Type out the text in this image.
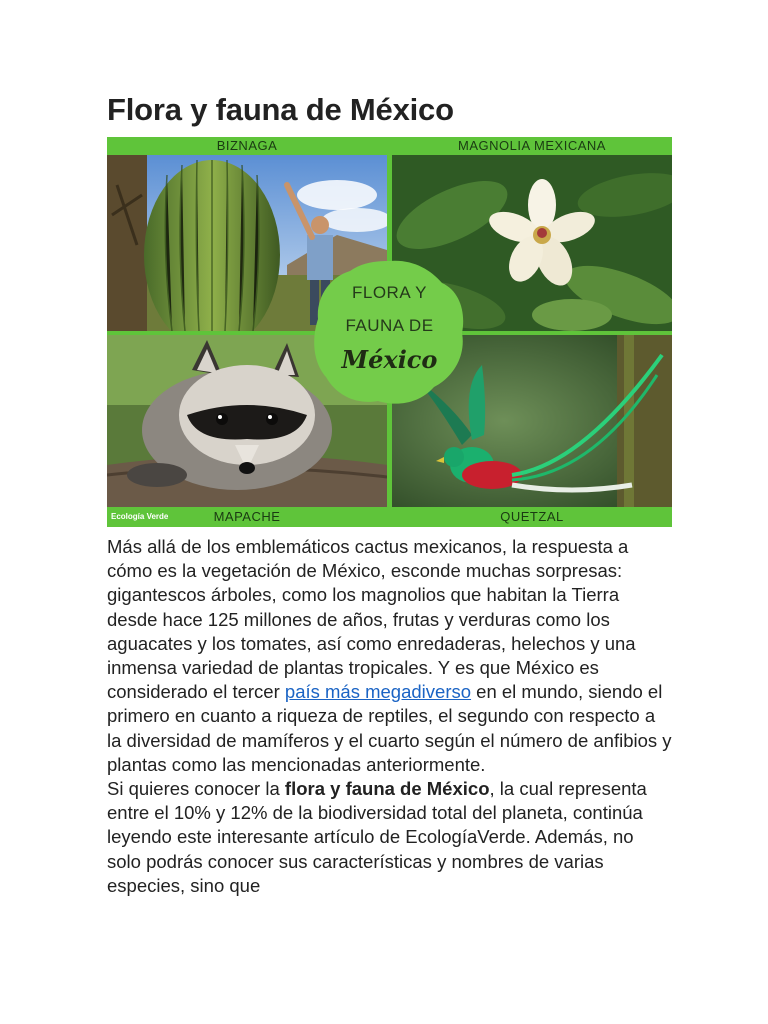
Flora y fauna de México
FLORA Y
FAUNA DE
México
BIZNAGA	MAGNOLIA MEXICANA
MAPACHE	QUETZAL
Ecología Verde

Más allá de los emblemáticos cactus mexicanos, la respuesta a cómo es la vegetación de México, esconde muchas sorpresas: gigantescos árboles, como los magnolios que habitan la Tierra desde hace 125 millones de años, frutas y verduras como los aguacates y los tomates, así como enredaderas, helechos y una inmensa variedad de plantas tropicales. Y es que México es considerado el tercer país más megadiverso en el mundo, siendo el primero en cuanto a riqueza de reptiles, el segundo con respecto a la diversidad de mamíferos y el cuarto según el número de anfibios y plantas como las mencionadas anteriormente.

Si quieres conocer la flora y fauna de México, la cual representa entre el 10% y 12% de la biodiversidad total del planeta, continúa leyendo este interesante artículo de EcologíaVerde. Además, no solo podrás conocer sus características y nombres de varias especies, sino que
